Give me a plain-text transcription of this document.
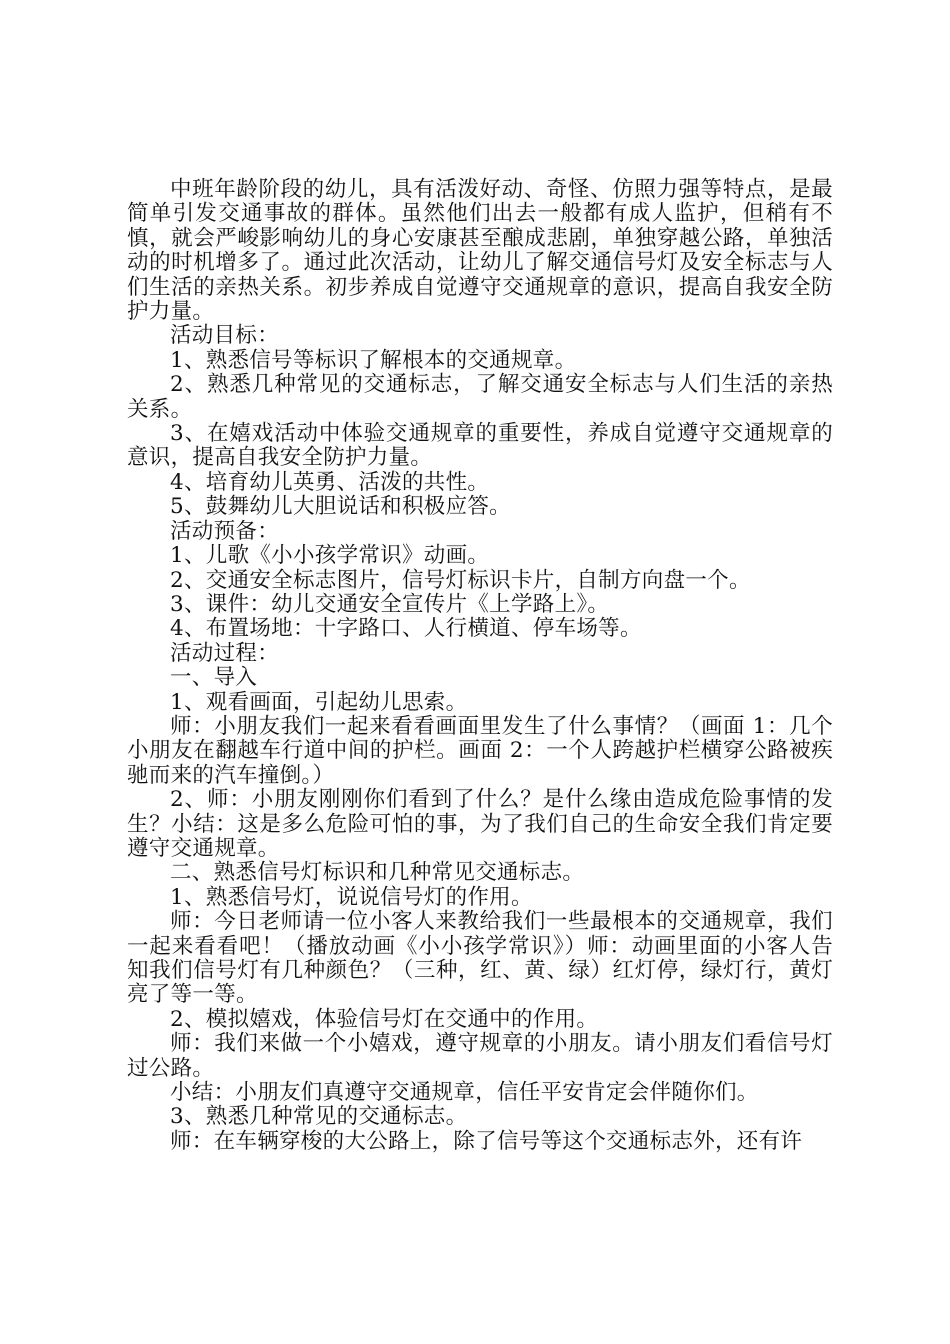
中班年龄阶段的幼儿，具有活泼好动、奇怪、仿照力强等特点，是最简单引发交通事故的群体。虽然他们出去一般都有成人监护，但稍有不慎，就会严峻影响幼儿的身心安康甚至酿成悲剧，单独穿越公路，单独活动的时机增多了。通过此次活动，让幼儿了解交通信号灯及安全标志与人们生活的亲热关系。初步养成自觉遵守交通规章的意识，提高自我安全防护力量。

活动目标：

1、熟悉信号等标识了解根本的交通规章。

2、熟悉几种常见的交通标志，了解交通安全标志与人们生活的亲热关系。

3、在嬉戏活动中体验交通规章的重要性，养成自觉遵守交通规章的意识，提高自我安全防护力量。

4、培育幼儿英勇、活泼的共性。

5、鼓舞幼儿大胆说话和积极应答。

活动预备：

1、儿歌《小小孩学常识》动画。

2、交通安全标志图片，信号灯标识卡片，自制方向盘一个。

3、课件：幼儿交通安全宣传片《上学路上》。

4、布置场地：十字路口、人行横道、停车场等。

活动过程：

一、导入

1、观看画面，引起幼儿思索。

师：小朋友我们一起来看看画面里发生了什么事情？（画面 1：几个小朋友在翻越车行道中间的护栏。画面 2：一个人跨越护栏横穿公路被疾驰而来的汽车撞倒。）

2、师：小朋友刚刚你们看到了什么？是什么缘由造成危险事情的发生？小结：这是多么危险可怕的事，为了我们自己的生命安全我们肯定要遵守交通规章。

二、熟悉信号灯标识和几种常见交通标志。

1、熟悉信号灯，说说信号灯的作用。

师：今日老师请一位小客人来教给我们一些最根本的交通规章，我们一起来看看吧！（播放动画《小小孩学常识》）师：动画里面的小客人告知我们信号灯有几种颜色？（三种，红、黄、绿）红灯停，绿灯行，黄灯亮了等一等。

2、模拟嬉戏，体验信号灯在交通中的作用。

师：我们来做一个小嬉戏，遵守规章的小朋友。请小朋友们看信号灯过公路。

小结：小朋友们真遵守交通规章，信任平安肯定会伴随你们。

3、熟悉几种常见的交通标志。

师：在车辆穿梭的大公路上，除了信号等这个交通标志外，还有许
